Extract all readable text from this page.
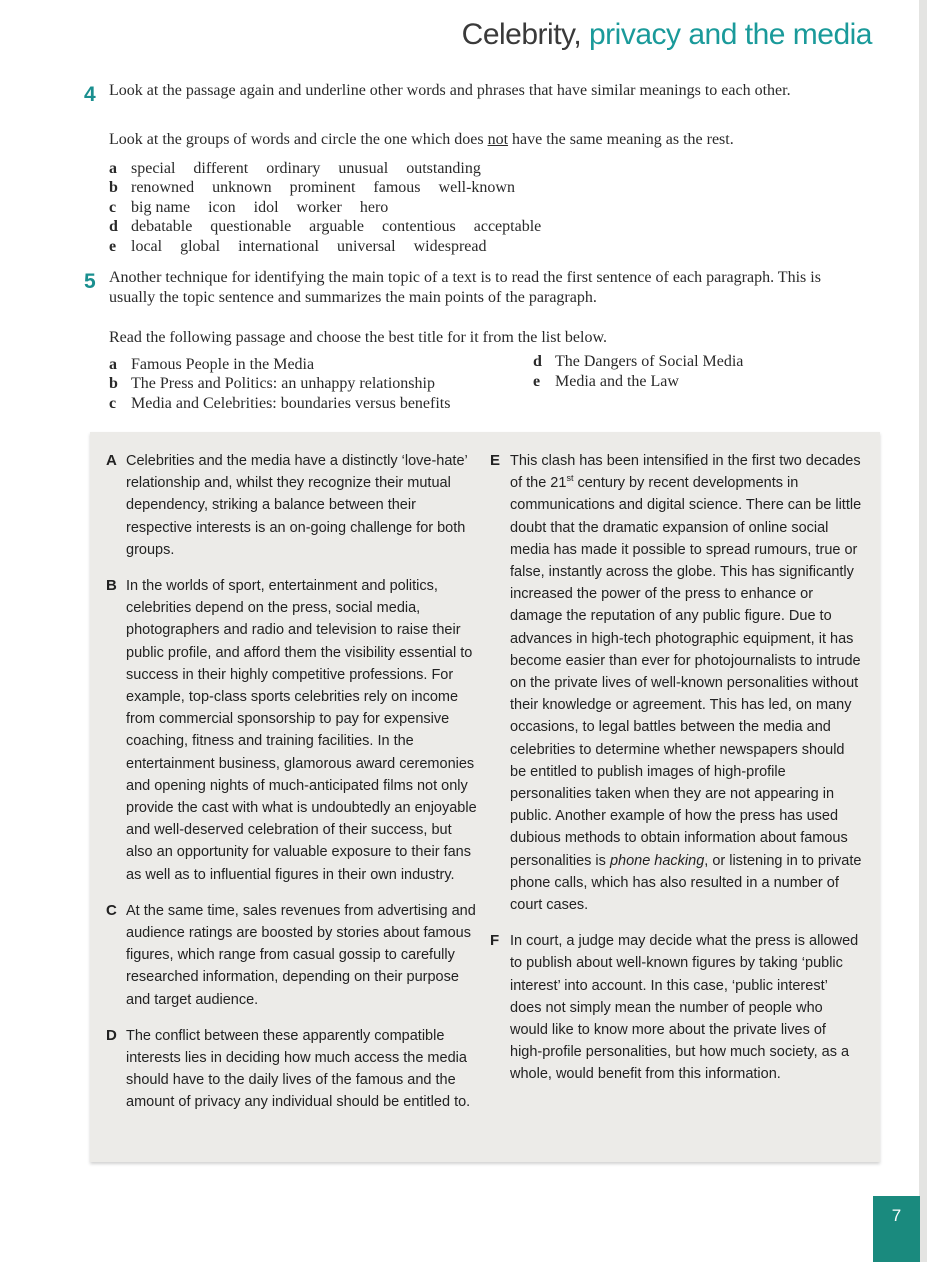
Celebrity, privacy and the media
4 Look at the passage again and underline other words and phrases that have similar meanings to each other.
Look at the groups of words and circle the one which does not have the same meaning as the rest.
a special different ordinary unusual outstanding
b renowned unknown prominent famous well-known
c big name icon idol worker hero
d debatable questionable arguable contentious acceptable
e local global international universal widespread
5 Another technique for identifying the main topic of a text is to read the first sentence of each paragraph. This is usually the topic sentence and summarizes the main points of the paragraph.
Read the following passage and choose the best title for it from the list below.
a Famous People in the Media
b The Press and Politics: an unhappy relationship
c Media and Celebrities: boundaries versus benefits
d The Dangers of Social Media
e Media and the Law
A Celebrities and the media have a distinctly ‘love-hate’ relationship and, whilst they recognize their mutual dependency, striking a balance between their respective interests is an on-going challenge for both groups.

B In the worlds of sport, entertainment and politics, celebrities depend on the press, social media, photographers and radio and television to raise their public profile, and afford them the visibility essential to success in their highly competitive professions. For example, top-class sports celebrities rely on income from commercial sponsorship to pay for expensive coaching, fitness and training facilities. In the entertainment business, glamorous award ceremonies and opening nights of much-anticipated films not only provide the cast with what is undoubtedly an enjoyable and well-deserved celebration of their success, but also an opportunity for valuable exposure to their fans as well as to influential figures in their own industry.

C At the same time, sales revenues from advertising and audience ratings are boosted by stories about famous figures, which range from casual gossip to carefully researched information, depending on their purpose and target audience.

D The conflict between these apparently compatible interests lies in deciding how much access the media should have to the daily lives of the famous and the amount of privacy any individual should be entitled to.

E This clash has been intensified in the first two decades of the 21st century by recent developments in communications and digital science. There can be little doubt that the dramatic expansion of online social media has made it possible to spread rumours, true or false, instantly across the globe. This has significantly increased the power of the press to enhance or damage the reputation of any public figure. Due to advances in high-tech photographic equipment, it has become easier than ever for photojournalists to intrude on the private lives of well-known personalities without their knowledge or agreement. This has led, on many occasions, to legal battles between the media and celebrities to determine whether newspapers should be entitled to publish images of high-profile personalities taken when they are not appearing in public. Another example of how the press has used dubious methods to obtain information about famous personalities is phone hacking, or listening in to private phone calls, which has also resulted in a number of court cases.

F In court, a judge may decide what the press is allowed to publish about well-known figures by taking ‘public interest’ into account. In this case, ‘public interest’ does not simply mean the number of people who would like to know more about the private lives of high-profile personalities, but how much society, as a whole, would benefit from this information.

7
